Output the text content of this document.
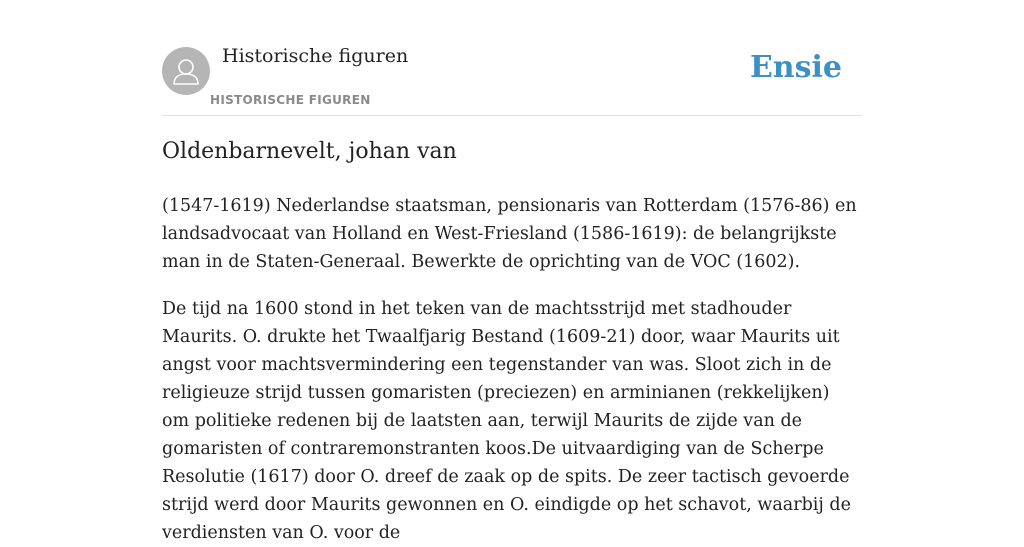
Historische figuren
HISTORISCHE FIGUREN
Ensie
Oldenbarnevelt, johan van

(1547-1619) Nederlandse staatsman, pensionaris van Rotterdam (1576-86) en landsadvocaat van Holland en West-Friesland (1586-1619): de belangrijkste man in de Staten-Generaal. Bewerkte de oprichting van de VOC (1602).

De tijd na 1600 stond in het teken van de machtsstrijd met stadhouder Maurits. O. drukte het Twaalfjarig Bestand (1609-21) door, waar Maurits uit angst voor machtsvermindering een tegenstander van was. Sloot zich in de religieuze strijd tussen gomaristen (preciezen) en arminianen (rekkelijken) om politieke redenen bij de laatsten aan, terwijl Maurits de zijde van de gomaristen of contraremonstranten koos.De uitvaardiging van de Scherpe Resolutie (1617) door O. dreef de zaak op de spits. De zeer tactisch gevoerde strijd werd door Maurits gewonnen en O. eindigde op het schavot, waarbij de verdiensten van O. voor de
